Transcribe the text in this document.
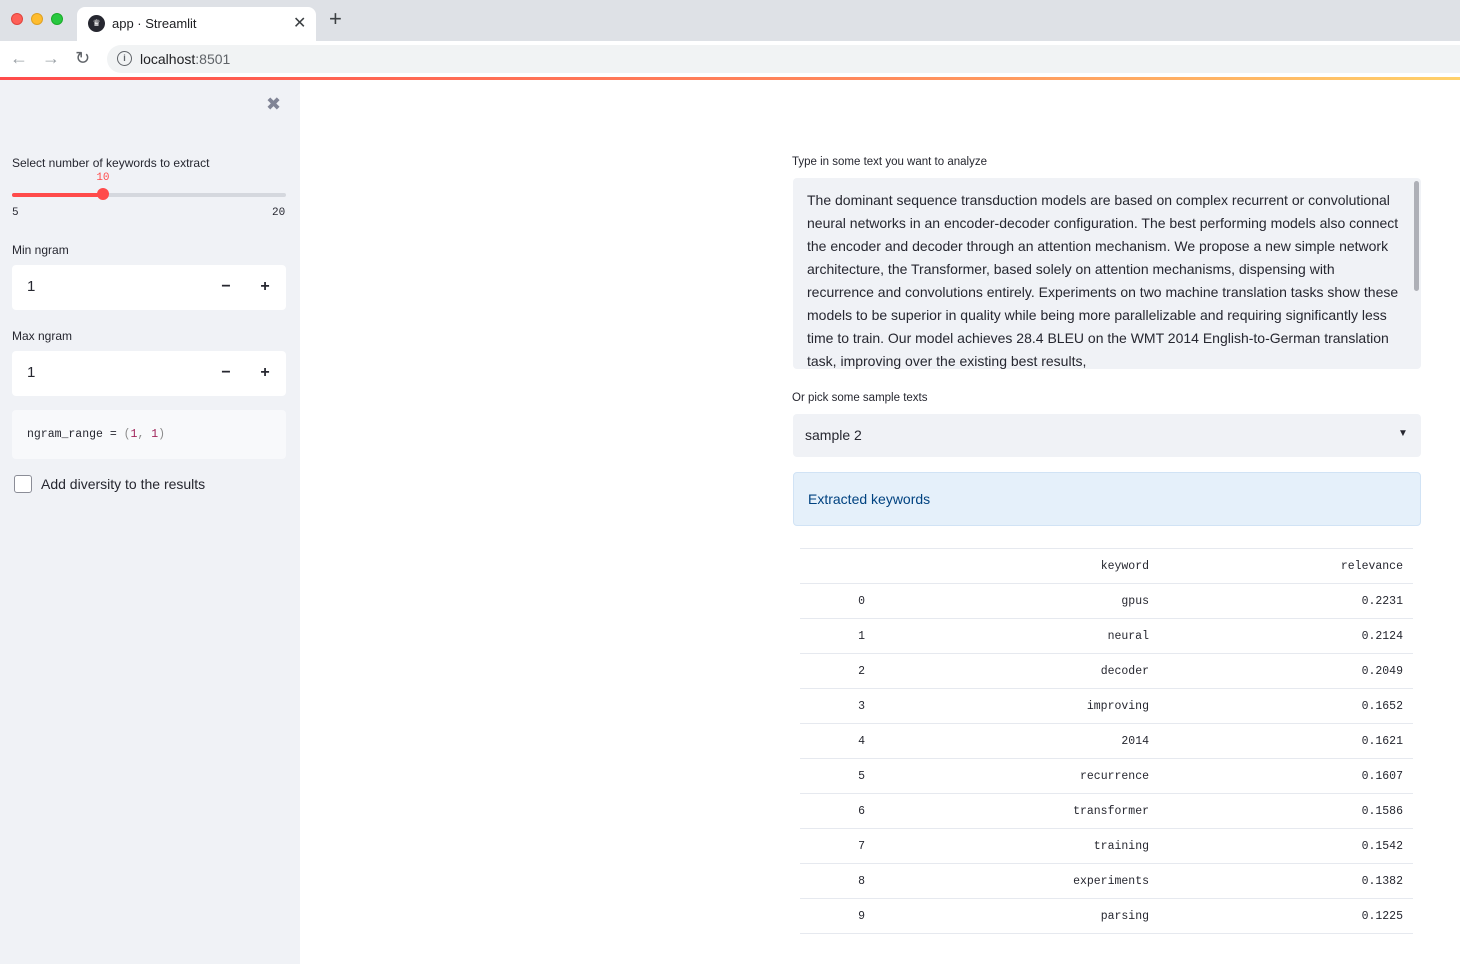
♛ app · Streamlit	✕ +
← → ↻	i	localhost:8501
✖
Select number of keywords to extract
10
5	20
Min ngram
1	−	+
Max ngram
1	−	+
ngram_range = (1, 1)
Add diversity to the results
Type in some text you want to analyze
The dominant sequence transduction models are based on complex recurrent or convolutional neural networks in an encoder-decoder configuration. The best performing models also connect the encoder and decoder through an attention mechanism. We propose a new simple network architecture, the Transformer, based solely on attention mechanisms, dispensing with recurrence and convolutions entirely. Experiments on two machine translation tasks show these models to be superior in quality while being more parallelizable and requiring significantly less time to train. Our model achieves 28.4 BLEU on the WMT 2014 English-to-German translation task, improving over the existing best results,
Or pick some sample texts
sample 2	▼
Extracted keywords
	keyword	relevance
0	gpus	0.2231
1	neural	0.2124
2	decoder	0.2049
3	improving	0.1652
4	2014	0.1621
5	recurrence	0.1607
6	transformer	0.1586
7	training	0.1542
8	experiments	0.1382
9	parsing	0.1225
